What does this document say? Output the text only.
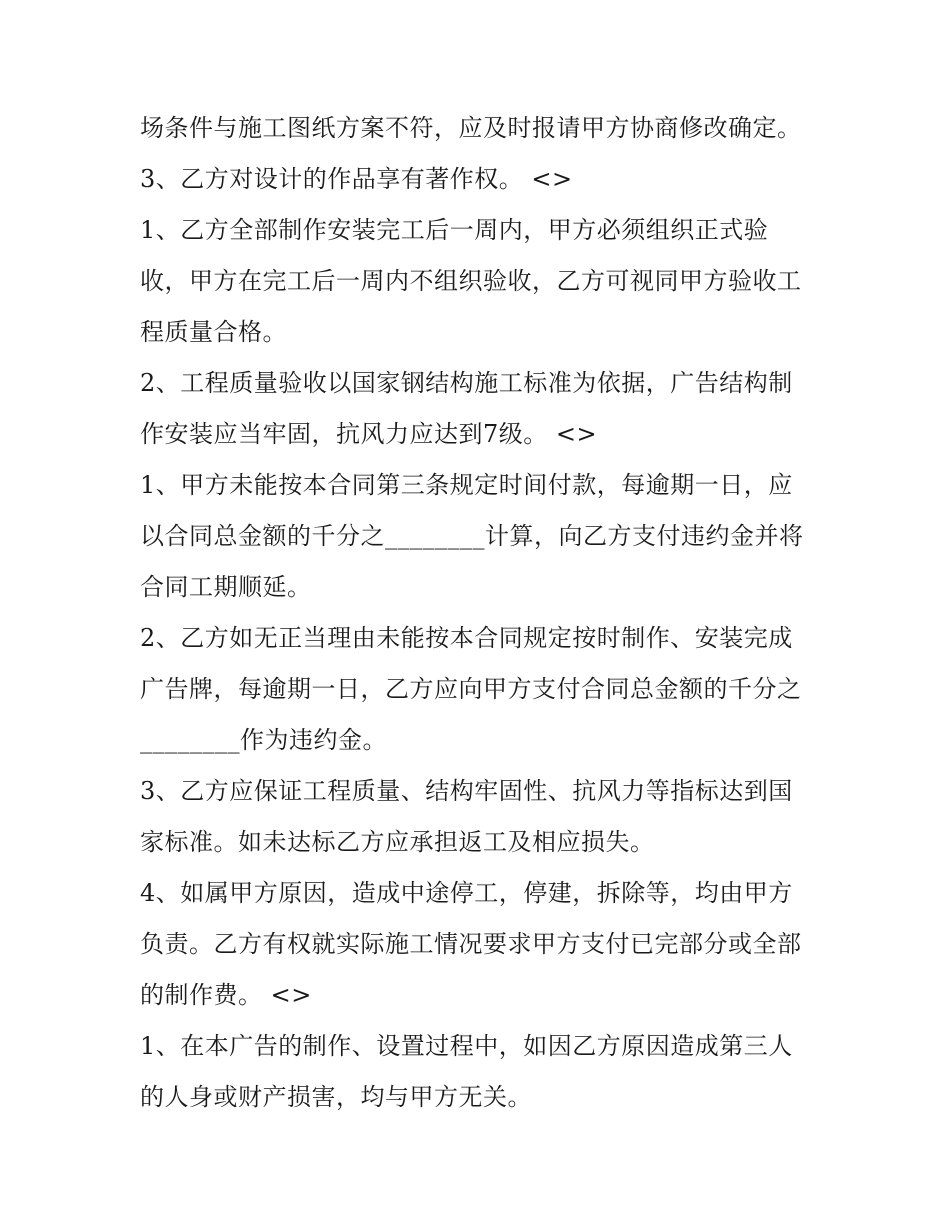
场条件与施工图纸方案不符，应及时报请甲方协商修改确定。
3、乙方对设计的作品享有著作权。 <>
1、乙方全部制作安装完工后一周内，甲方必须组织正式验
收，甲方在完工后一周内不组织验收，乙方可视同甲方验收工
程质量合格。
2、工程质量验收以国家钢结构施工标准为依据，广告结构制
作安装应当牢固，抗风力应达到7级。 <>
1、甲方未能按本合同第三条规定时间付款，每逾期一日，应
以合同总金额的千分之________计算，向乙方支付违约金并将
合同工期顺延。
2、乙方如无正当理由未能按本合同规定按时制作、安装完成
广告牌，每逾期一日，乙方应向甲方支付合同总金额的千分之
________作为违约金。
3、乙方应保证工程质量、结构牢固性、抗风力等指标达到国
家标准。如未达标乙方应承担返工及相应损失。
4、如属甲方原因，造成中途停工，停建，拆除等，均由甲方
负责。乙方有权就实际施工情况要求甲方支付已完部分或全部
的制作费。 <>
1、在本广告的制作、设置过程中，如因乙方原因造成第三人
的人身或财产损害，均与甲方无关。
